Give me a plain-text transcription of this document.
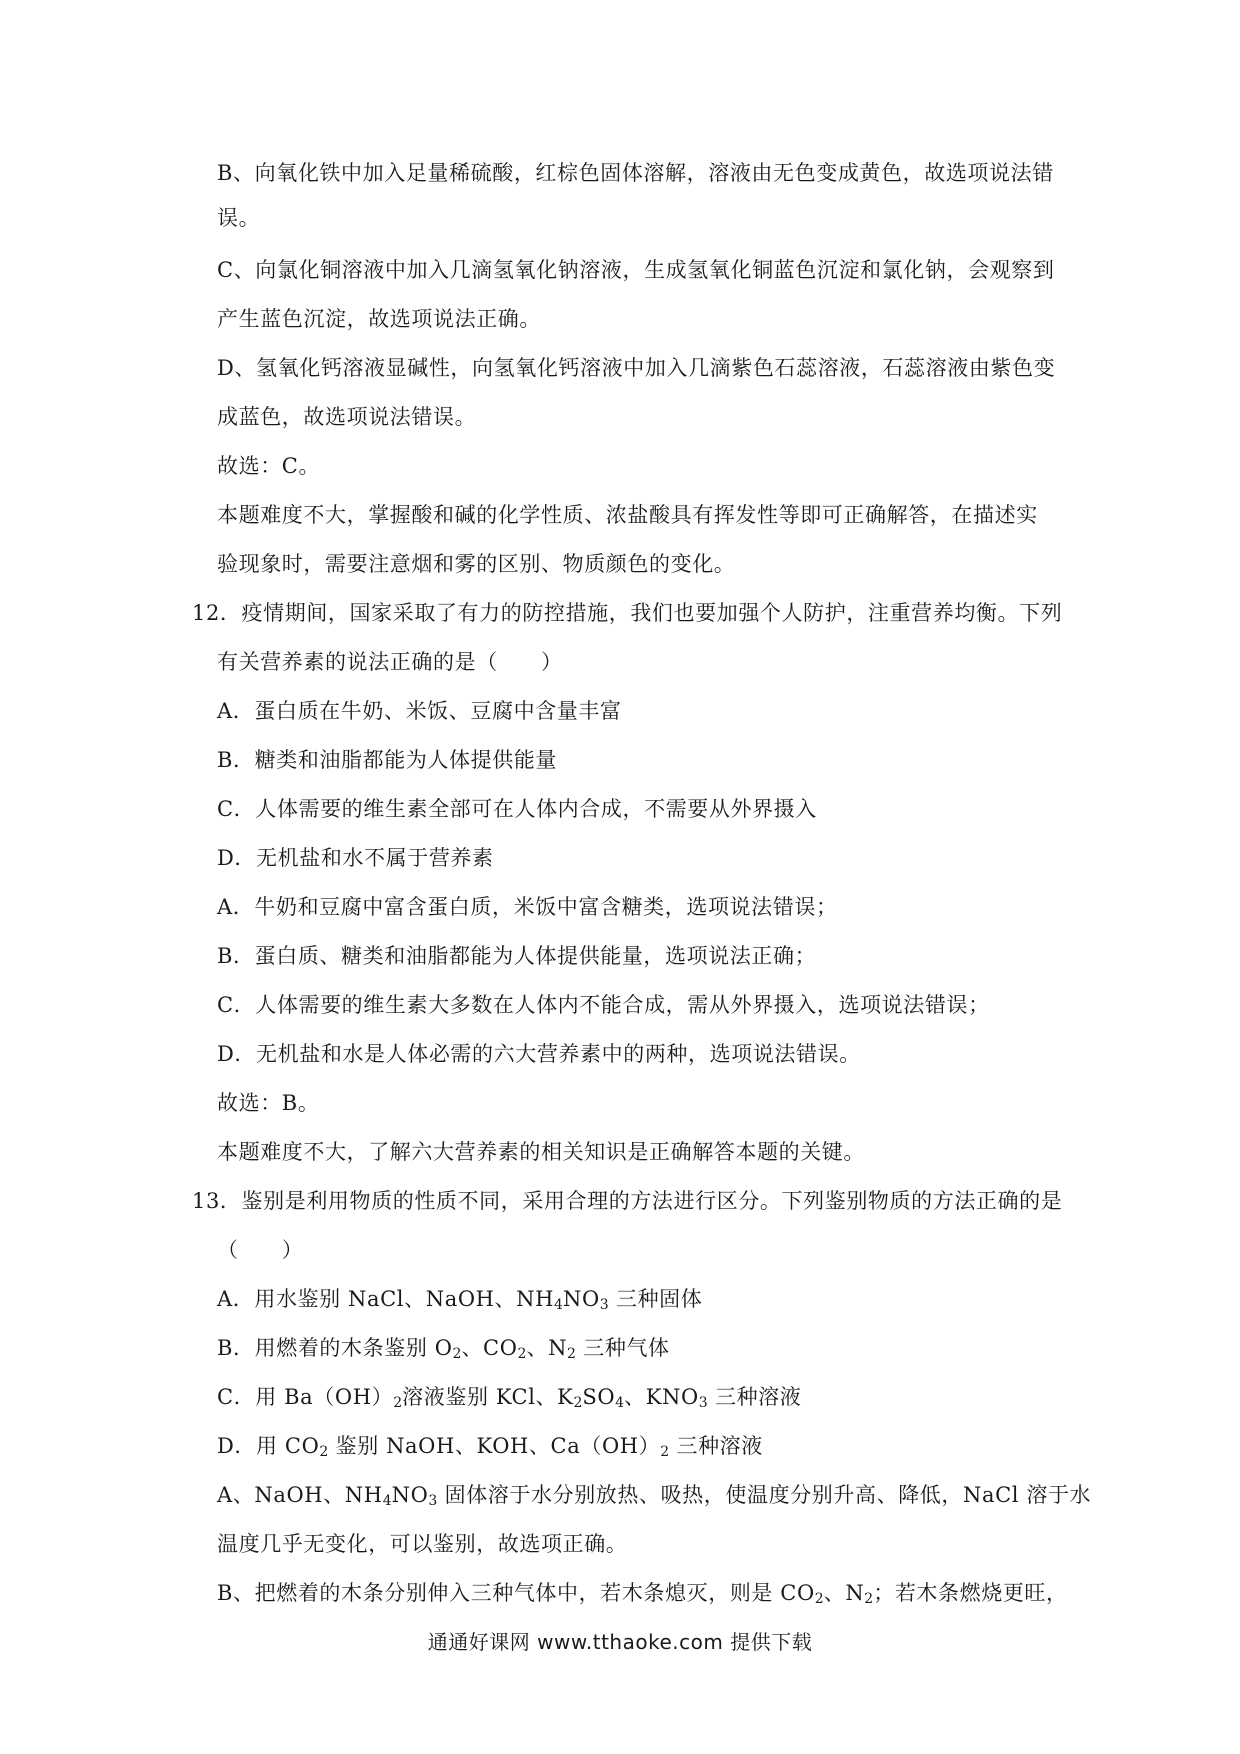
B、向氧化铁中加入足量稀硫酸，红棕色固体溶解，溶液由无色变成黄色，故选项说法错

误。

C、向氯化铜溶液中加入几滴氢氧化钠溶液，生成氢氧化铜蓝色沉淀和氯化钠，会观察到

产生蓝色沉淀，故选项说法正确。

D、氢氧化钙溶液显碱性，向氢氧化钙溶液中加入几滴紫色石蕊溶液，石蕊溶液由紫色变

成蓝色，故选项说法错误。

故选：C。

本题难度不大，掌握酸和碱的化学性质、浓盐酸具有挥发性等即可正确解答，在描述实

验现象时，需要注意烟和雾的区别、物质颜色的变化。

12．疫情期间，国家采取了有力的防控措施，我们也要加强个人防护，注重营养均衡。下列

有关营养素的说法正确的是（　　）

A．蛋白质在牛奶、米饭、豆腐中含量丰富

B．糖类和油脂都能为人体提供能量

C．人体需要的维生素全部可在人体内合成，不需要从外界摄入

D．无机盐和水不属于营养素

A．牛奶和豆腐中富含蛋白质，米饭中富含糖类，选项说法错误；

B．蛋白质、糖类和油脂都能为人体提供能量，选项说法正确；

C．人体需要的维生素大多数在人体内不能合成，需从外界摄入，选项说法错误；

D．无机盐和水是人体必需的六大营养素中的两种，选项说法错误。

故选：B。

本题难度不大，了解六大营养素的相关知识是正确解答本题的关键。

13．鉴别是利用物质的性质不同，采用合理的方法进行区分。下列鉴别物质的方法正确的是

（　　）

A．用水鉴别 NaCl、NaOH、$NH_4NO_3$ 三种固体

B．用燃着的木条鉴别 $O_2$、$CO_2$、$N_2$ 三种气体

C．用 $Ba(OH)_2$溶液鉴别 KCl、$K_2SO_4$、$KNO_3$ 三种溶液

D．用 $CO_2$ 鉴别 NaOH、KOH、$Ca(OH)_2$ 三种溶液

A、NaOH、$NH_4NO_3$ 固体溶于水分别放热、吸热，使温度分别升高、降低，NaCl 溶于水

温度几乎无变化，可以鉴别，故选项正确。

B、把燃着的木条分别伸入三种气体中，若木条熄灭，则是 $CO_2$、$N_2$；若木条燃烧更旺，

通通好课网 www.tthaoke.com 提供下载
